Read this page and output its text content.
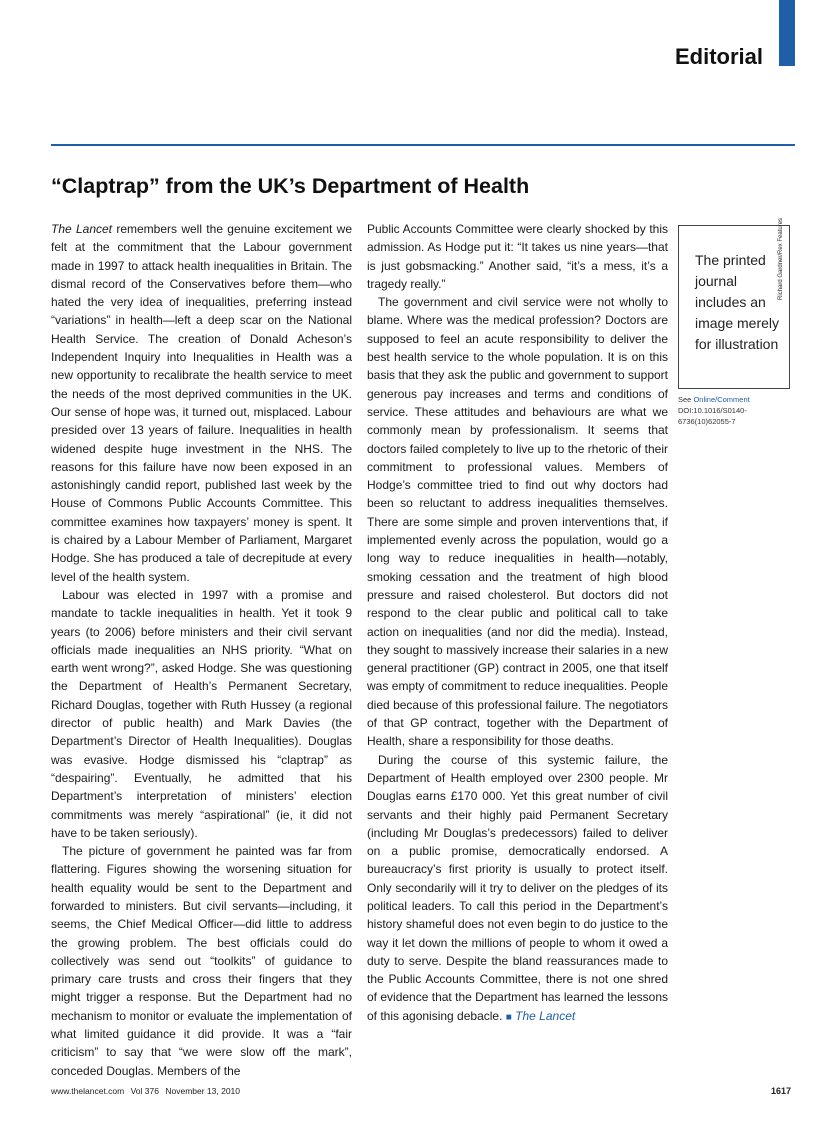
Editorial
“Claptrap” from the UK’s Department of Health

The Lancet remembers well the genuine excitement we felt at the commitment that the Labour government made in 1997 to attack health inequalities in Britain. The dismal record of the Conservatives before them—who hated the very idea of inequalities, preferring instead “variations” in health—left a deep scar on the National Health Service. The creation of Donald Acheson’s Independent Inquiry into Inequalities in Health was a new opportunity to recalibrate the health service to meet the needs of the most deprived communities in the UK. Our sense of hope was, it turned out, misplaced. Labour presided over 13 years of failure. Inequalities in health widened despite huge investment in the NHS. The reasons for this failure have now been exposed in an astonishingly candid report, published last week by the House of Commons Public Accounts Committee. This committee examines how taxpayers’ money is spent. It is chaired by a Labour Member of Parliament, Margaret Hodge. She has produced a tale of decrepitude at every level of the health system.

Labour was elected in 1997 with a promise and mandate to tackle inequalities in health. Yet it took 9 years (to 2006) before ministers and their civil servant officials made inequalities an NHS priority. “What on earth went wrong?”, asked Hodge. She was questioning the Department of Health’s Permanent Secretary, Richard Douglas, together with Ruth Hussey (a regional director of public health) and Mark Davies (the Department’s Director of Health Inequalities). Douglas was evasive. Hodge dismissed his “claptrap” as “despairing”. Eventually, he admitted that his Department’s interpretation of ministers’ election commitments was merely “aspirational” (ie, it did not have to be taken seriously).

The picture of government he painted was far from flattering. Figures showing the worsening situation for health equality would be sent to the Department and forwarded to ministers. But civil servants—including, it seems, the Chief Medical Officer—did little to address the growing problem. The best officials could do collectively was send out “toolkits” of guidance to primary care trusts and cross their fingers that they might trigger a response. But the Department had no mechanism to monitor or evaluate the implementation of what limited guidance it did provide. It was a “fair criticism” to say that “we were slow off the mark”, conceded Douglas. Members of the

Public Accounts Committee were clearly shocked by this admission. As Hodge put it: “It takes us nine years—that is just gobsmacking.” Another said, “it’s a mess, it’s a tragedy really.”

The government and civil service were not wholly to blame. Where was the medical profession? Doctors are supposed to feel an acute responsibility to deliver the best health service to the whole population. It is on this basis that they ask the public and government to support generous pay increases and terms and conditions of service. These attitudes and behaviours are what we commonly mean by professionalism. It seems that doctors failed completely to live up to the rhetoric of their commitment to professional values. Members of Hodge’s committee tried to find out why doctors had been so reluctant to address inequalities themselves. There are some simple and proven interventions that, if implemented evenly across the population, would go a long way to reduce inequalities in health—notably, smoking cessation and the treatment of high blood pressure and raised cholesterol. But doctors did not respond to the clear public and political call to take action on inequalities (and nor did the media). Instead, they sought to massively increase their salaries in a new general practitioner (GP) contract in 2005, one that itself was empty of commitment to reduce inequalities. People died because of this professional failure. The negotiators of that GP contract, together with the Department of Health, share a responsibility for those deaths.

During the course of this systemic failure, the Department of Health employed over 2300 people. Mr Douglas earns £170 000. Yet this great number of civil servants and their highly paid Permanent Secretary (including Mr Douglas’s predecessors) failed to deliver on a public promise, democratically endorsed. A bureaucracy’s first priority is usually to protect itself. Only secondarily will it try to deliver on the pledges of its political leaders. To call this period in the Department’s history shameful does not even begin to do justice to the way it let down the millions of people to whom it owed a duty to serve. Despite the bland reassurances made to the Public Accounts Committee, there is not one shred of evidence that the Department has learned the lessons of this agonising debacle. ■ The Lancet

The printed journal includes an image merely for illustration

Richard Gardner/Rex Features
See Online/Comment
DOI:10.1016/S0140-6736(10)62055-7
www.thelancet.com Vol 376 November 13, 2010	1617
